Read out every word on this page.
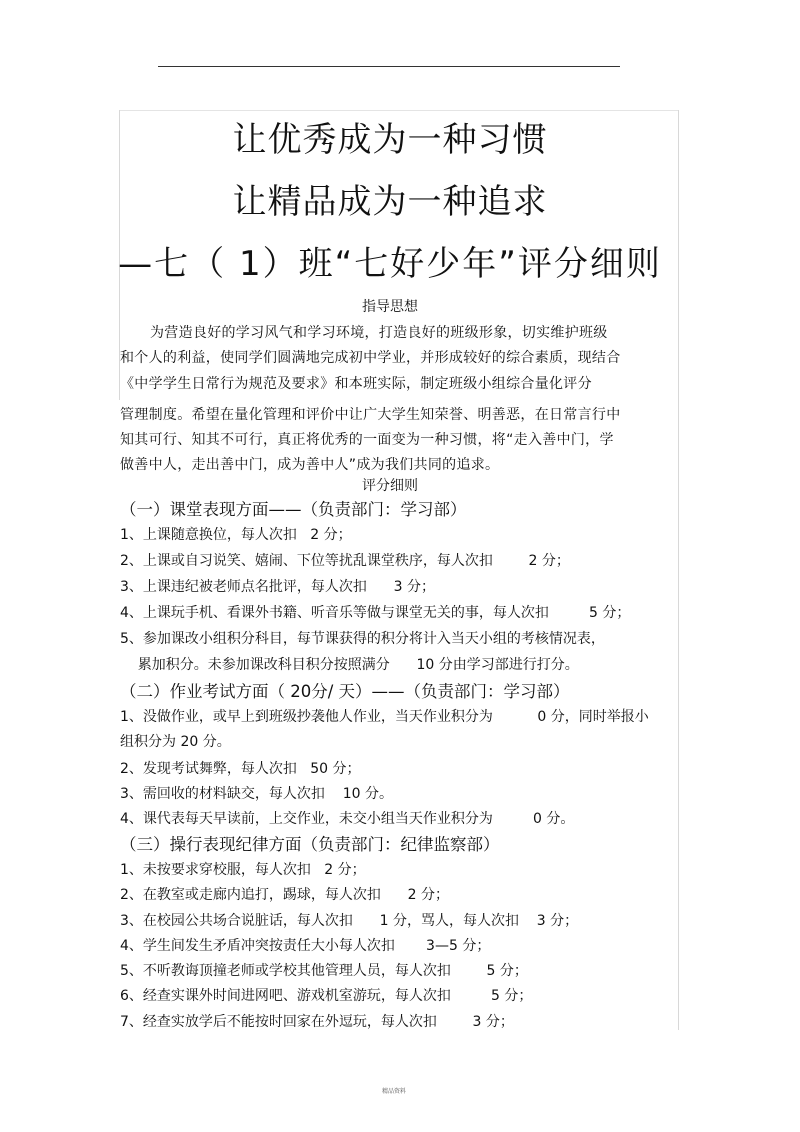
让优秀成为一种习惯
让精品成为一种追求
—七（ 1）班“七好少年”评分细则
指导思想
为营造良好的学习风气和学习环境，打造良好的班级形象，切实维护班级
和个人的利益，使同学们圆满地完成初中学业，并形成较好的综合素质，现结合
《中学学生日常行为规范及要求》和本班实际，制定班级小组综合量化评分
管理制度。希望在量化管理和评价中让广大学生知荣誉、明善恶，在日常言行中
知其可行、知其不可行，真正将优秀的一面变为一种习惯，将“走入善中门，学
做善中人，走出善中门，成为善中人”成为我们共同的追求。
评分细则
（一）课堂表现方面——（负责部门：学习部）
1、上课随意换位，每人次扣   2 分；
2、上课或自习说笑、嬉闹、下位等扰乱课堂秩序，每人次扣        2 分；
3、上课违纪被老师点名批评，每人次扣      3 分；
4、上课玩手机、看课外书籍、听音乐等做与课堂无关的事，每人次扣         5 分；
5、参加课改小组积分科目，每节课获得的积分将计入当天小组的考核情况表，
累加积分。未参加课改科目积分按照满分      10 分由学习部进行打分。
（二）作业考试方面（ 20分/ 天）——（负责部门：学习部）
1、没做作业，或早上到班级抄袭他人作业，当天作业积分为          0 分，同时举报小
组积分为 20 分。
2、发现考试舞弊，每人次扣   50 分；
3、需回收的材料缺交，每人次扣    10 分。
4、课代表每天早读前，上交作业，未交小组当天作业积分为         0 分。
（三）操行表现纪律方面（负责部门：纪律监察部）
1、未按要求穿校服，每人次扣   2 分；
2、在教室或走廊内追打，踢球，每人次扣      2 分；
3、在校园公共场合说脏话，每人次扣      1 分，骂人，每人次扣    3 分；
4、学生间发生矛盾冲突按责任大小每人次扣       3—5 分；
5、不听教诲顶撞老师或学校其他管理人员，每人次扣        5 分；
6、经查实课外时间进网吧、游戏机室游玩，每人次扣         5 分；
7、经查实放学后不能按时回家在外逗玩，每人次扣        3 分；
精品资料
